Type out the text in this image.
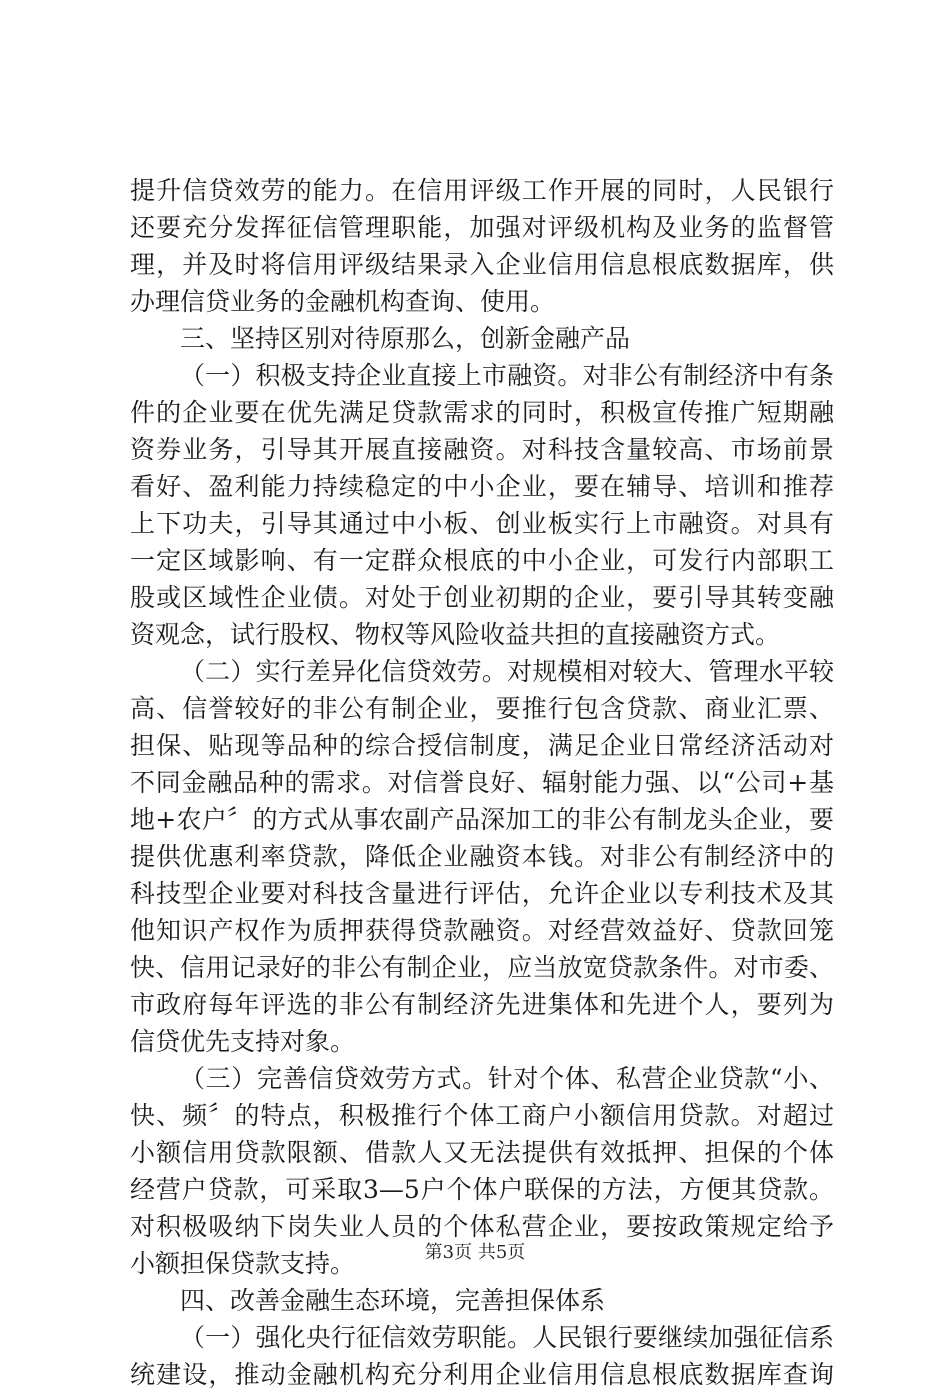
提升信贷效劳的能力。在信用评级工作开展的同时，人民银行
还要充分发挥征信管理职能，加强对评级机构及业务的监督管
理，并及时将信用评级结果录入企业信用信息根底数据库，供
办理信贷业务的金融机构查询、使用。
三、坚持区别对待原那么，创新金融产品
（一）积极支持企业直接上市融资。对非公有制经济中有条
件的企业要在优先满足贷款需求的同时，积极宣传推广短期融
资券业务，引导其开展直接融资。对科技含量较高、市场前景
看好、盈利能力持续稳定的中小企业，要在辅导、培训和推荐
上下功夫，引导其通过中小板、创业板实行上市融资。对具有
一定区域影响、有一定群众根底的中小企业，可发行内部职工
股或区域性企业债。对处于创业初期的企业，要引导其转变融
资观念，试行股权、物权等风险收益共担的直接融资方式。
（二）实行差异化信贷效劳。对规模相对较大、管理水平较
高、信誉较好的非公有制企业，要推行包含贷款、商业汇票、
担保、贴现等品种的综合授信制度，满足企业日常经济活动对
不同金融品种的需求。对信誉良好、辐射能力强、以“公司+基
地+农户〞的方式从事农副产品深加工的非公有制龙头企业，要
提供优惠利率贷款，降低企业融资本钱。对非公有制经济中的
科技型企业要对科技含量进行评估，允许企业以专利技术及其
他知识产权作为质押获得贷款融资。对经营效益好、贷款回笼
快、信用记录好的非公有制企业，应当放宽贷款条件。对市委、
市政府每年评选的非公有制经济先进集体和先进个人，要列为
信贷优先支持对象。
（三）完善信贷效劳方式。针对个体、私营企业贷款“小、
快、频〞的特点，积极推行个体工商户小额信用贷款。对超过
小额信用贷款限额、借款人又无法提供有效抵押、担保的个体
经营户贷款，可采取3—5户个体户联保的方法，方便其贷款。
对积极吸纳下岗失业人员的个体私营企业，要按政策规定给予
小额担保贷款支持。
四、改善金融生态环境，完善担保体系
（一）强化央行征信效劳职能。人民银行要继续加强征信系
统建设，推动金融机构充分利用企业信用信息根底数据库查询
第3页 共5页
